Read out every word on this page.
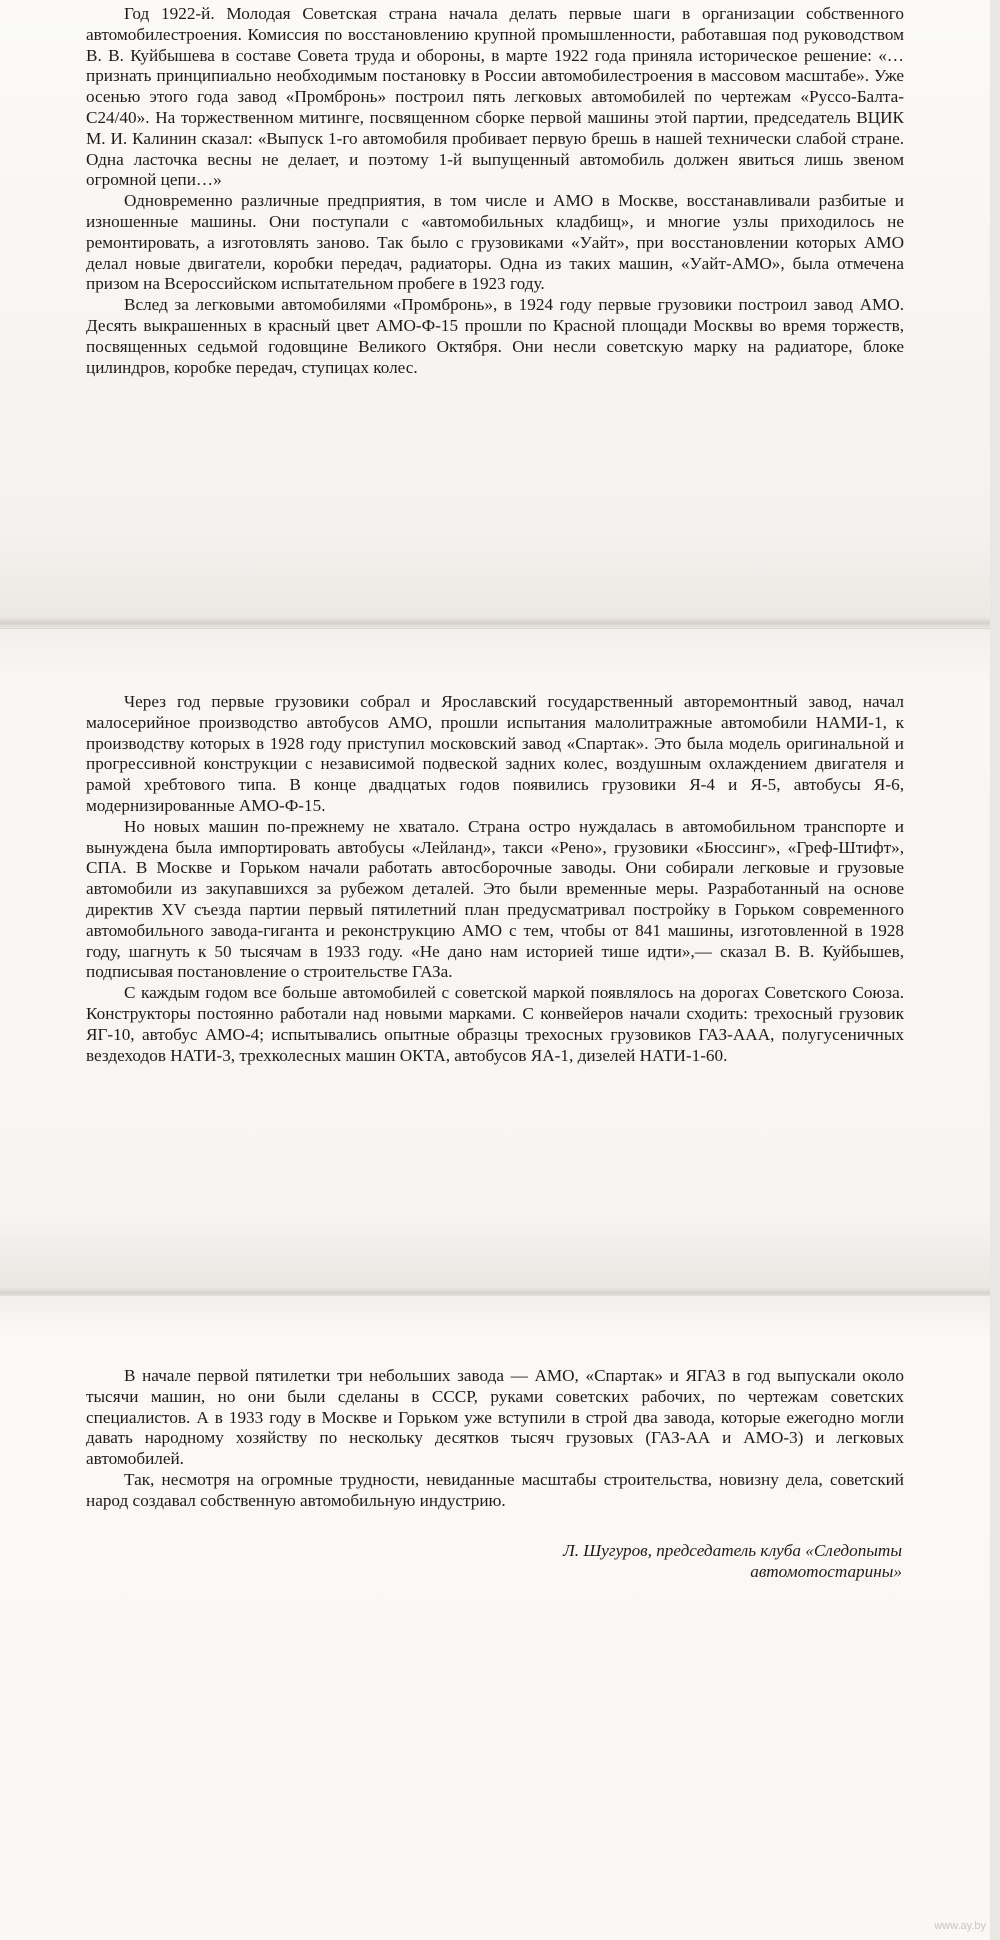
Год 1922-й. Молодая Советская страна начала делать первые шаги в организации собственного автомобилестроения. Комиссия по восстановлению крупной промышленности, работавшая под руководством В. В. Куйбышева в составе Совета труда и обороны, в марте 1922 года приняла историческое решение: «… признать принципиально необходимым постановку в России автомобилестроения в массовом масштабе». Уже осенью этого года завод «Промбронь» построил пять легковых автомобилей по чертежам «Руссо-Балта-С24/40». На торжественном митинге, посвященном сборке первой машины этой партии, председатель ВЦИК М. И. Калинин сказал: «Выпуск 1-го автомобиля пробивает первую брешь в нашей технически слабой стране. Одна ласточка весны не делает, и поэтому 1-й выпущенный автомобиль должен явиться лишь звеном огромной цепи…»

Одновременно различные предприятия, в том числе и АМО в Москве, восстанавливали разбитые и изношенные машины. Они поступали с «автомобильных кладбищ», и многие узлы приходилось не ремонтировать, а изготовлять заново. Так было с грузовиками «Уайт», при восстановлении которых АМО делал новые двигатели, коробки передач, радиаторы. Одна из таких машин, «Уайт-АМО», была отмечена призом на Всероссийском испытательном пробеге в 1923 году.

Вслед за легковыми автомобилями «Промбронь», в 1924 году первые грузовики построил завод АМО. Десять выкрашенных в красный цвет АМО-Ф-15 прошли по Красной площади Москвы во время торжеств, посвященных седьмой годовщине Великого Октября. Они несли советскую марку на радиаторе, блоке цилиндров, коробке передач, ступицах колес.

Через год первые грузовики собрал и Ярославский государственный авторемонтный завод, начал малосерийное производство автобусов АМО, прошли испытания малолитражные автомобили НАМИ-1, к производству которых в 1928 году приступил московский завод «Спартак». Это была модель оригинальной и прогрессивной конструкции с независимой подвеской задних колес, воздушным охлаждением двигателя и рамой хребтового типа. В конце двадцатых годов появились грузовики Я-4 и Я-5, автобусы Я-6, модернизированные АМО-Ф-15.

Но новых машин по-прежнему не хватало. Страна остро нуждалась в автомобильном транспорте и вынуждена была импортировать автобусы «Лейланд», такси «Рено», грузовики «Бюссинг», «Греф-Штифт», СПА. В Москве и Горьком начали работать автосборочные заводы. Они собирали легковые и грузовые автомобили из закупавшихся за рубежом деталей. Это были временные меры. Разработанный на основе директив XV съезда партии первый пятилетний план предусматривал постройку в Горьком современного автомобильного завода-гиганта и реконструкцию АМО с тем, чтобы от 841 машины, изготовленной в 1928 году, шагнуть к 50 тысячам в 1933 году. «Не дано нам историей тише идти»,— сказал В. В. Куйбышев, подписывая постановление о строительстве ГАЗа.

С каждым годом все больше автомобилей с советской маркой появлялось на дорогах Советского Союза. Конструкторы постоянно работали над новыми марками. С конвейеров начали сходить: трехосный грузовик ЯГ-10, автобус АМО-4; испытывались опытные образцы трехосных грузовиков ГАЗ-ААА, полугусеничных вездеходов НАТИ-3, трехколесных машин ОКТА, автобусов ЯА-1, дизелей НАТИ-1-60.

В начале первой пятилетки три небольших завода — АМО, «Спартак» и ЯГАЗ в год выпускали около тысячи машин, но они были сделаны в СССР, руками советских рабочих, по чертежам советских специалистов. А в 1933 году в Москве и Горьком уже вступили в строй два завода, которые ежегодно могли давать народному хозяйству по нескольку десятков тысяч грузовых (ГАЗ-АА и АМО-3) и легковых автомобилей.

Так, несмотря на огромные трудности, невиданные масштабы строительства, новизну дела, советский народ создавал собственную автомобильную индустрию.

Л. Шугуров, председатель клуба «Следопыты
автомотостарины»
www.ay.by
